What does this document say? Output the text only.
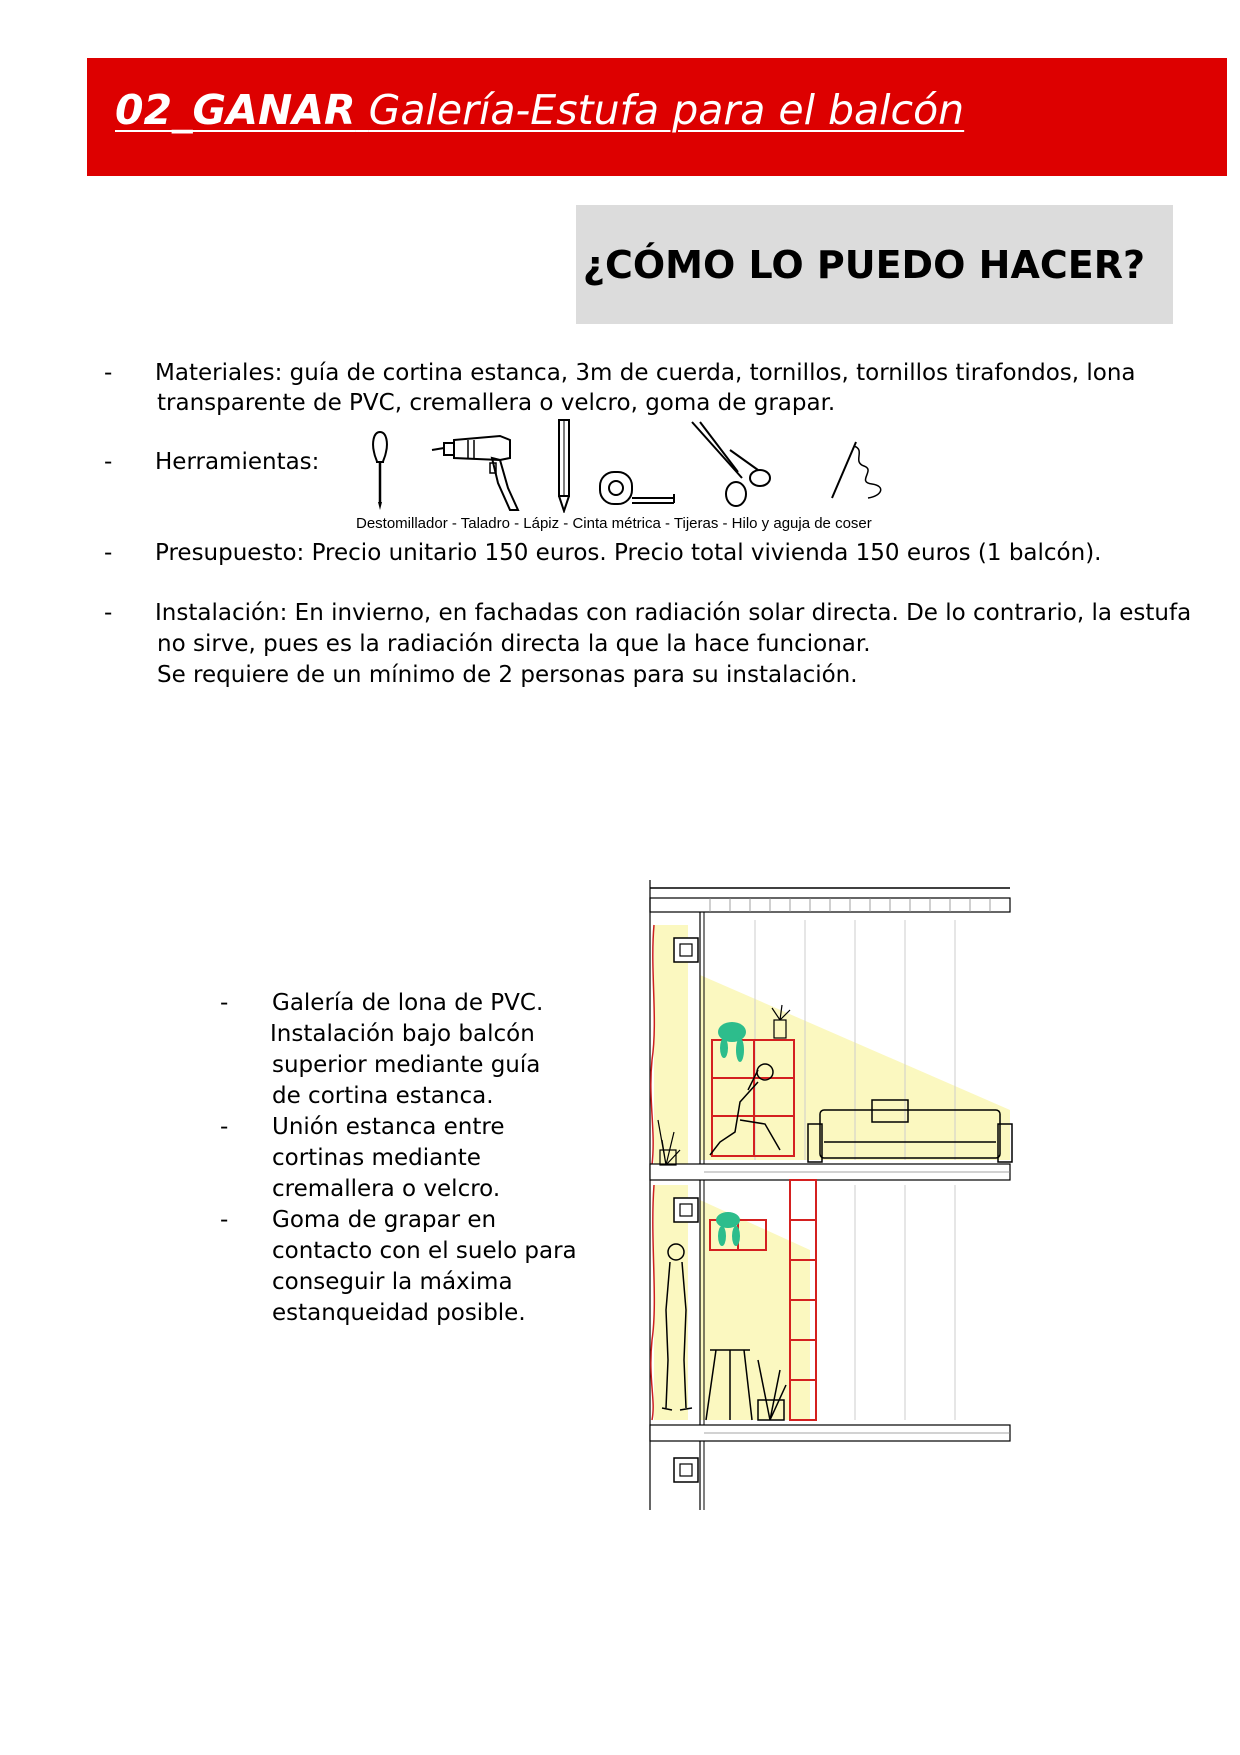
02_GANAR Galería-Estufa para el balcón
¿CÓMO LO PUEDO HACER?
- Materiales: guía de cortina estanca, 3m de cuerda, tornillos, tornillos tirafondos, lona
transparente de PVC, cremallera o velcro, goma de grapar.
- Herramientas:
Destomillador - Taladro - Lápiz - Cinta métrica - Tijeras - Hilo y aguja de coser
- Presupuesto: Precio unitario 150 euros. Precio total vivienda 150 euros (1 balcón).
- Instalación: En invierno, en fachadas con radiación solar directa. De lo contrario, la estufa
no sirve, pues es la radiación directa la que la hace funcionar.
Se requiere de un mínimo de 2 personas para su instalación.
- Galería de lona de PVC.
Instalación bajo balcón
superior mediante guía
de cortina estanca.
- Unión estanca entre
cortinas mediante
cremallera o velcro.
- Goma de grapar en
contacto con el suelo para
conseguir la máxima
estanqueidad posible.
